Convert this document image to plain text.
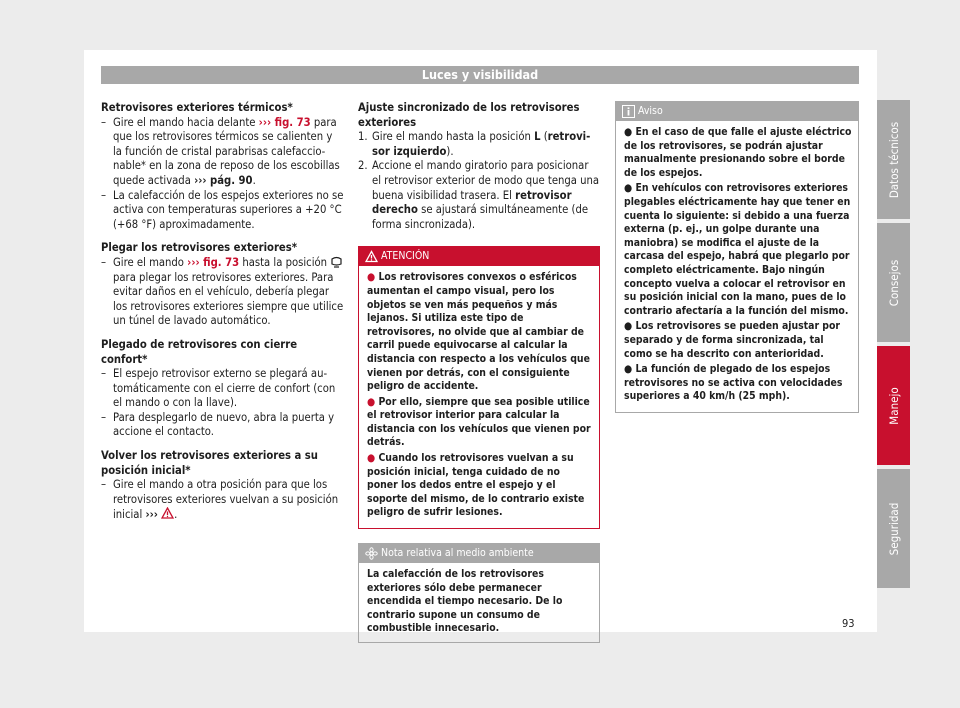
Luces y visibilidad

Retrovisores exteriores térmicos*

– Gire el mando hacia delante ››› fig. 73 para que los retrovisores térmicos se calienten y la función de cristal parabrisas calefaccionable* en la zona de reposo de los escobillas quede activada ››› pág. 90.
– La calefacción de los espejos exteriores no se activa con temperaturas superiores a +20 °C (+68 °F) aproximadamente.

Plegar los retrovisores exteriores*

– Gire el mando ››› fig. 73 hasta la posición  para plegar los retrovisores exteriores. Para evitar daños en el vehículo, debería plegar los retrovisores exteriores siempre que utilice un túnel de lavado automático.

Plegado de retrovisores con cierre confort*

– El espejo retrovisor externo se plegará automáticamente con el cierre de confort (con el mando o con la llave).
– Para desplegarlo de nuevo, abra la puerta y accione el contacto.

Volver los retrovisores exteriores a su posición inicial*

– Gire el mando a otra posición para que los retrovisores exteriores vuelvan a su posición inicial ››› .

Ajuste sincronizado de los retrovisores exteriores

1. Gire el mando hasta la posición L (retrovisor izquierdo).
2. Accione el mando giratorio para posicionar el retrovisor exterior de modo que tenga una buena visibilidad trasera. El retrovisor derecho se ajustará simultáneamente (de forma sincronizada).
ATENCIÓN

● Los retrovisores convexos o esféricos aumentan el campo visual, pero los objetos se ven más pequeños y más lejanos. Si utiliza este tipo de retrovisores, no olvide que al cambiar de carril puede equivocarse al calcular la distancia con respecto a los vehículos que vienen por detrás, con el consiguiente peligro de accidente.

● Por ello, siempre que sea posible utilice el retrovisor interior para calcular la distancia con los vehículos que vienen por detrás.

● Cuando los retrovisores vuelvan a su posición inicial, tenga cuidado de no poner los dedos entre el espejo y el soporte del mismo, de lo contrario existe peligro de sufrir lesiones.

Nota relativa al medio ambiente
La calefacción de los retrovisores exteriores sólo debe permanecer encendida el tiempo necesario. De lo contrario supone un consumo de combustible innecesario.
Aviso

● En el caso de que falle el ajuste eléctrico de los retrovisores, se podrán ajustar manualmente presionando sobre el borde de los espejos.

● En vehículos con retrovisores exteriores plegables eléctricamente hay que tener en cuenta lo siguiente: si debido a una fuerza externa (p. ej., un golpe durante una maniobra) se modifica el ajuste de la carcasa del espejo, habrá que plegarlo por completo eléctricamente. Bajo ningún concepto vuelva a colocar el retrovisor en su posición inicial con la mano, pues de lo contrario afectaría a la función del mismo.

● Los retrovisores se pueden ajustar por separado y de forma sincronizada, tal como se ha descrito con anterioridad.

● La función de plegado de los espejos retrovisores no se activa con velocidades superiores a 40 km/h (25 mph).

Datos técnicos
Consejos
Manejo
Seguridad
93
